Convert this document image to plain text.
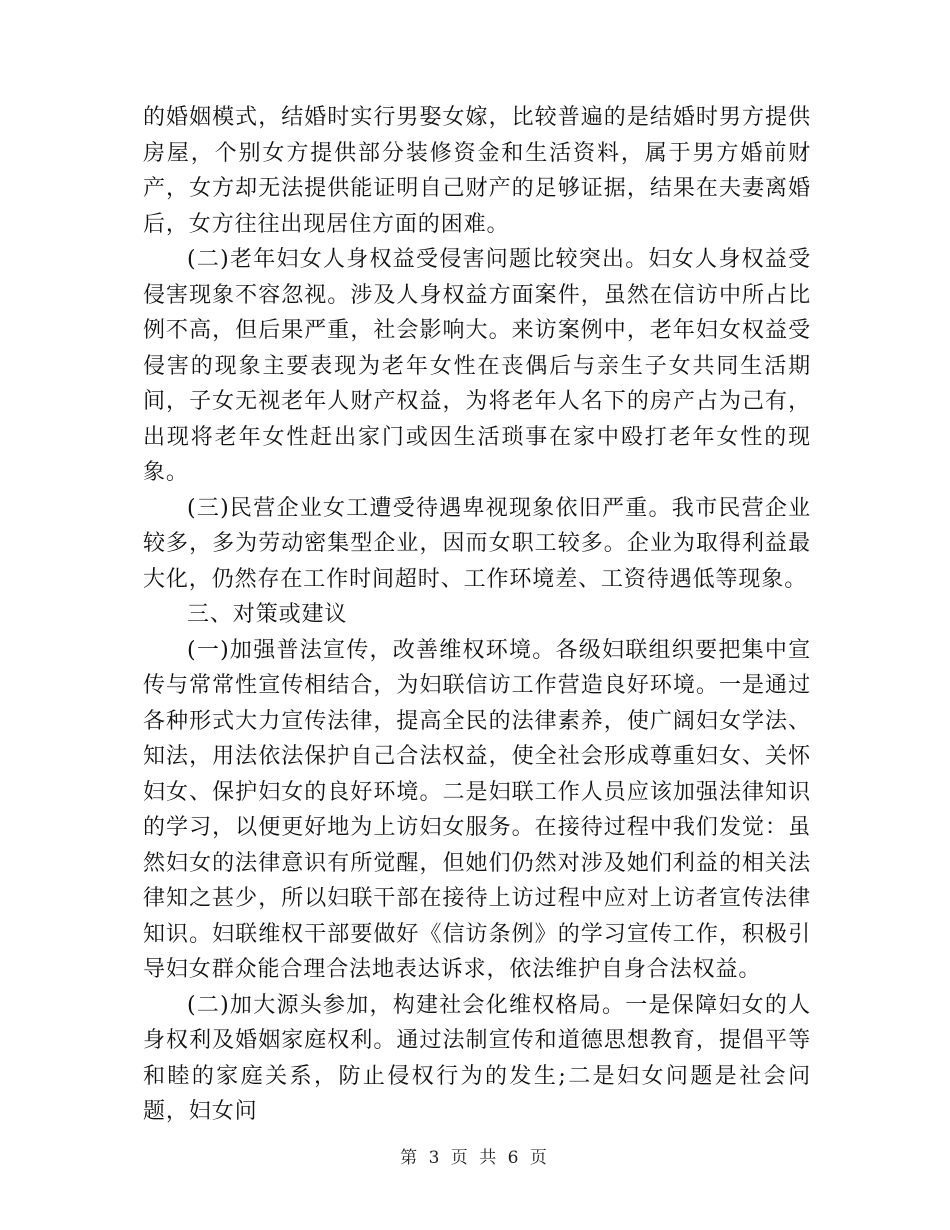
的婚姻模式，结婚时实行男娶女嫁，比较普遍的是结婚时男方提供房屋，个别女方提供部分装修资金和生活资料，属于男方婚前财产，女方却无法提供能证明自己财产的足够证据，结果在夫妻离婚后，女方往往出现居住方面的困难。

(二)老年妇女人身权益受侵害问题比较突出。妇女人身权益受侵害现象不容忽视。涉及人身权益方面案件，虽然在信访中所占比例不高，但后果严重，社会影响大。来访案例中，老年妇女权益受侵害的现象主要表现为老年女性在丧偶后与亲生子女共同生活期间，子女无视老年人财产权益，为将老年人名下的房产占为己有，出现将老年女性赶出家门或因生活琐事在家中殴打老年女性的现象。

(三)民营企业女工遭受待遇卑视现象依旧严重。我市民营企业较多，多为劳动密集型企业，因而女职工较多。企业为取得利益最大化，仍然存在工作时间超时、工作环境差、工资待遇低等现象。

三、对策或建议

(一)加强普法宣传，改善维权环境。各级妇联组织要把集中宣传与常常性宣传相结合，为妇联信访工作营造良好环境。一是通过各种形式大力宣传法律，提高全民的法律素养，使广阔妇女学法、知法，用法依法保护自己合法权益，使全社会形成尊重妇女、关怀妇女、保护妇女的良好环境。二是妇联工作人员应该加强法律知识的学习，以便更好地为上访妇女服务。在接待过程中我们发觉：虽然妇女的法律意识有所觉醒，但她们仍然对涉及她们利益的相关法律知之甚少，所以妇联干部在接待上访过程中应对上访者宣传法律知识。妇联维权干部要做好《信访条例》的学习宣传工作，积极引导妇女群众能合理合法地表达诉求，依法维护自身合法权益。

(二)加大源头参加，构建社会化维权格局。一是保障妇女的人身权利及婚姻家庭权利。通过法制宣传和道德思想教育，提倡平等和睦的家庭关系，防止侵权行为的发生;二是妇女问题是社会问题，妇女问

第 3 页 共 6 页
